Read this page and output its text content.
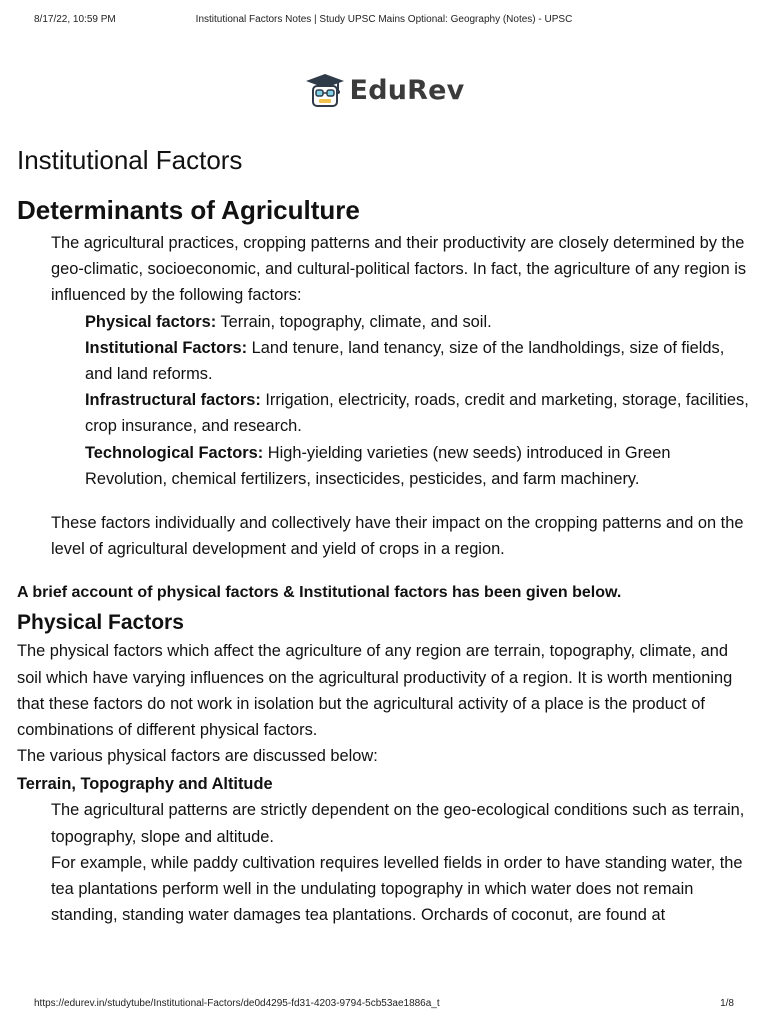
8/17/22, 10:59 PM	Institutional Factors Notes | Study UPSC Mains Optional: Geography (Notes) - UPSC
EduRev
Institutional Factors
Determinants of Agriculture

The agricultural practices, cropping patterns and their productivity are closely determined by the geo-climatic, socioeconomic, and cultural-political factors. In fact, the agriculture of any region is influenced by the following factors:

Physical factors: Terrain, topography, climate, and soil.

Institutional Factors: Land tenure, land tenancy, size of the landholdings, size of fields, and land reforms.

Infrastructural factors: Irrigation, electricity, roads, credit and marketing, storage, facilities, crop insurance, and research.

Technological Factors: High-yielding varieties (new seeds) introduced in Green Revolution, chemical fertilizers, insecticides, pesticides, and farm machinery.

These factors individually and collectively have their impact on the cropping patterns and on the level of agricultural development and yield of crops in a region.

A brief account of physical factors & Institutional factors has been given below.

Physical Factors

The physical factors which affect the agriculture of any region are terrain, topography, climate, and soil which have varying influences on the agricultural productivity of a region. It is worth mentioning that these factors do not work in isolation but the agricultural activity of a place is the product of combinations of different physical factors.

The various physical factors are discussed below:

Terrain, Topography and Altitude

The agricultural patterns are strictly dependent on the geo-ecological conditions such as terrain, topography, slope and altitude.

For example, while paddy cultivation requires levelled fields in order to have standing water, the tea plantations perform well in the undulating topography in which water does not remain standing, standing water damages tea plantations. Orchards of coconut, are found at

https://edurev.in/studytube/Institutional-Factors/de0d4295-fd31-4203-9794-5cb53ae1886a_t	1/8
